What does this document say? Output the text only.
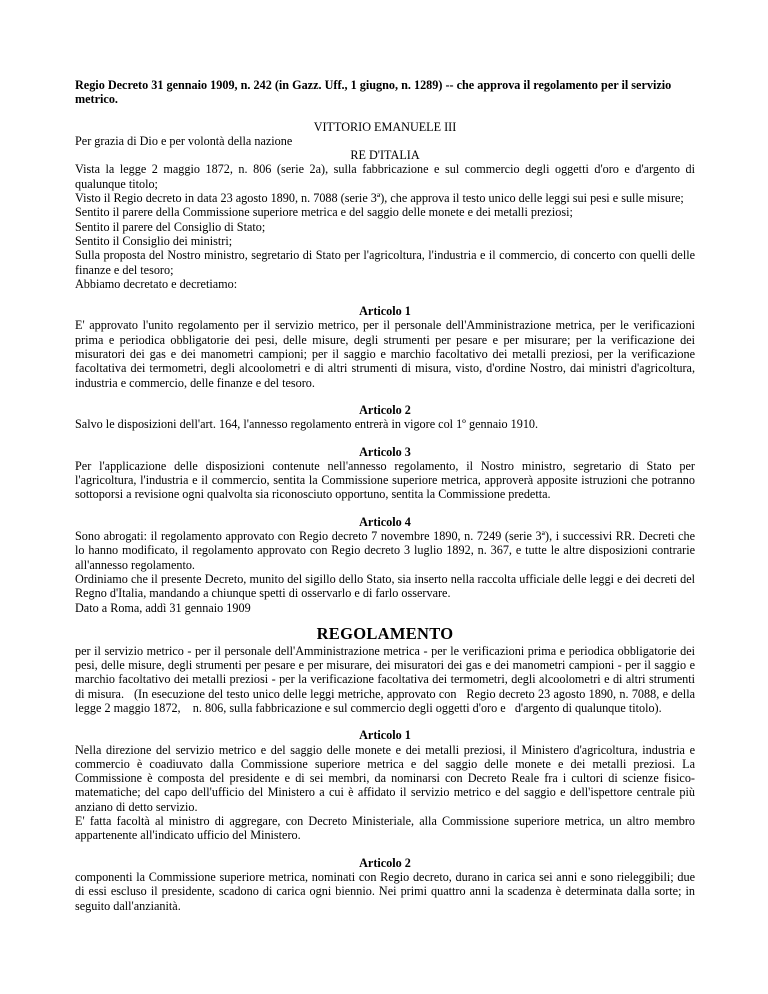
Regio Decreto 31 gennaio 1909, n. 242 (in Gazz. Uff., 1 giugno, n. 1289) -- che approva il regolamento per il servizio metrico.

VITTORIO EMANUELE III

Per grazia di Dio e per volontà della nazione

RE D'ITALIA

Vista la legge 2 maggio 1872, n. 806 (serie 2a), sulla fabbricazione e sul commercio degli oggetti d'oro e d'argento di qualunque titolo;

Visto il Regio decreto in data 23 agosto 1890, n. 7088 (serie 3ª), che approva il testo unico delle leggi sui pesi e sulle misure;

Sentito il parere della Commissione superiore metrica e del saggio delle monete e dei metalli preziosi;

Sentito il parere del Consiglio di Stato;

Sentito il Consiglio dei ministri;

Sulla proposta del Nostro ministro, segretario di Stato per l'agricoltura, l'industria e il commercio, di concerto con quelli delle finanze e del tesoro;

Abbiamo decretato e decretiamo:

Articolo 1

E' approvato l'unito regolamento per il servizio metrico, per il personale dell'Amministrazione metrica, per le verificazioni prima e periodica obbligatorie dei pesi, delle misure, degli strumenti per pesare e per misurare; per la verificazione dei misuratori dei gas e dei manometri campioni; per il saggio e marchio facoltativo dei metalli preziosi, per la verificazione facoltativa dei termometri, degli alcoolometri e di altri strumenti di misura, visto, d'ordine Nostro, dai ministri d'agricoltura, industria e commercio, delle finanze e del tesoro.

Articolo 2

Salvo le disposizioni dell'art. 164, l'annesso regolamento entrerà in vigore col 1º gennaio 1910.

Articolo 3

Per l'applicazione delle disposizioni contenute nell'annesso regolamento, il Nostro ministro, segretario di Stato per l'agricoltura, l'industria e il commercio, sentita la Commissione superiore metrica, approverà apposite istruzioni che potranno sottoporsi a revisione ogni qualvolta sia riconosciuto opportuno, sentita la Commissione predetta.

Articolo 4

Sono abrogati: il regolamento approvato con Regio decreto 7 novembre 1890, n. 7249 (serie 3ª), i successivi RR. Decreti che lo hanno modificato, il regolamento approvato con Regio decreto 3 luglio 1892, n. 367, e tutte le altre disposizioni contrarie all'annesso regolamento.

Ordiniamo che il presente Decreto, munito del sigillo dello Stato, sia inserto nella raccolta ufficiale delle leggi e dei decreti del Regno d'Italia, mandando a chiunque spetti di osservarlo e di farlo osservare.

Dato a Roma, addì 31 gennaio 1909

REGOLAMENTO

per il servizio metrico - per il personale dell'Amministrazione metrica - per le verificazioni prima e periodica obbligatorie dei pesi, delle misure, degli strumenti per pesare e per misurare, dei misuratori dei gas e dei manometri campioni - per il saggio e marchio facoltativo dei metalli preziosi - per la verificazione facoltativa dei termometri, degli alcoolometri e di altri strumenti di misura.   (In esecuzione del testo unico delle leggi metriche, approvato con   Regio decreto 23 agosto 1890, n. 7088, e della legge 2 maggio 1872,    n. 806, sulla fabbricazione e sul commercio degli oggetti d'oro e   d'argento di qualunque titolo).

Articolo 1

Nella direzione del servizio metrico e del saggio delle monete e dei metalli preziosi, il Ministero d'agricoltura, industria e commercio è coadiuvato dalla Commissione superiore metrica e del saggio delle monete e dei metalli preziosi. La Commissione è composta del presidente e di sei membri, da nominarsi con Decreto Reale fra i cultori di scienze fisico-matematiche; del capo dell'ufficio del Ministero a cui è affidato il servizio metrico e del saggio e dell'ispettore centrale più anziano di detto servizio.

E' fatta facoltà al ministro di aggregare, con Decreto Ministeriale, alla Commissione superiore metrica, un altro membro appartenente all'indicato ufficio del Ministero.

Articolo 2

componenti la Commissione superiore metrica, nominati con Regio decreto, durano in carica sei anni e sono rieleggibili; due di essi escluso il presidente, scadono di carica ogni biennio. Nei primi quattro anni la scadenza è determinata dalla sorte; in seguito dall'anzianità.
